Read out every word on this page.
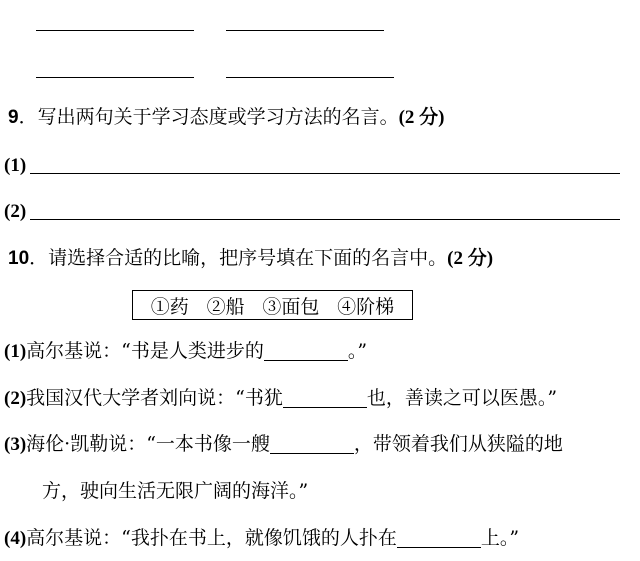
9．写出两句关于学习态度或学习方法的名言。(2 分)
(1)
(2)
10．请选择合适的比喻，把序号填在下面的名言中。(2 分)
①药 ②船 ③面包 ④阶梯
(1)高尔基说：“书是人类进步的	。”
(2)我国汉代大学者刘向说：“书犹	也，善读之可以医愚。”
(3)海伦·凯勒说：“一本书像一艘	，带领着我们从狭隘的地
方，驶向生活无限广阔的海洋。”
(4)高尔基说：“我扑在书上，就像饥饿的人扑在	上。”
